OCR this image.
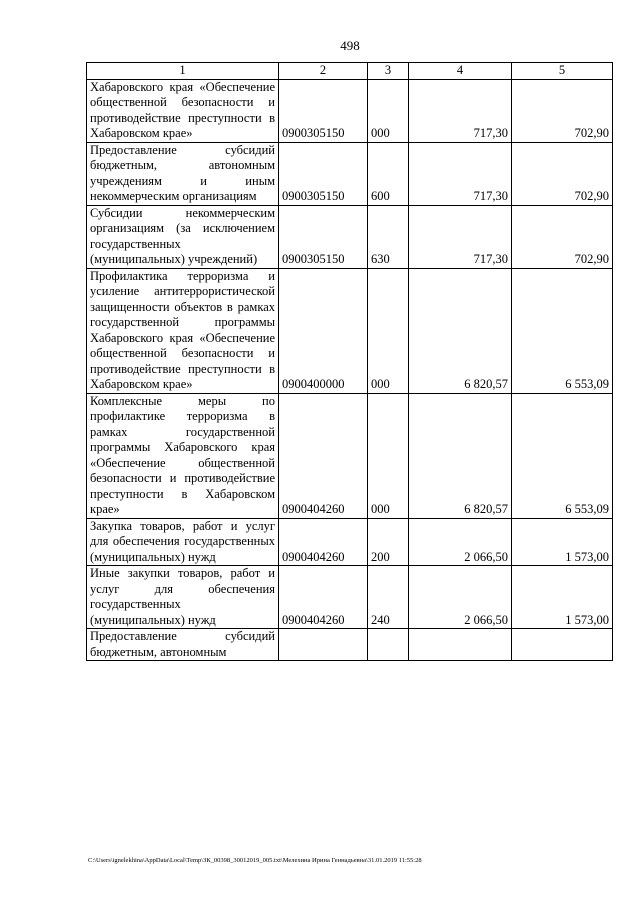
498
1	2	3	4	5
Хабаровского края «Обеспечение общественной безопасности и противодействие преступности в Хабаровском крае»	0900305150	000	717,30	702,90
Предоставление субсидий бюджетным, автономным учреждениям и иным некоммерческим организациям	0900305150	600	717,30	702,90
Субсидии некоммерческим организациям (за исключением государственных (муниципальных) учреждений)	0900305150	630	717,30	702,90
Профилактика терроризма и усиление антитеррористической защищенности объектов в рамках государственной программы Хабаровского края «Обеспечение общественной безопасности и противодействие преступности в Хабаровском крае»	0900400000	000	6 820,57	6 553,09
Комплексные меры по профилактике терроризма в рамках государственной программы Хабаровского края «Обеспечение общественной безопасности и противодействие преступности в Хабаровском крае»	0900404260	000	6 820,57	6 553,09
Закупка товаров, работ и услуг для обеспечения государственных (муниципальных) нужд	0900404260	200	2 066,50	1 573,00
Иные закупки товаров, работ и услуг для обеспечения государственных (муниципальных) нужд	0900404260	240	2 066,50	1 573,00
Предоставление субсидий бюджетным, автономным				
C:\Users\ignelekhina\AppData\Local\Temp\ЗК_00398_30012019_005.txt\Мелехина Ирина Геннадьевна\31.01.2019 11:55:28
